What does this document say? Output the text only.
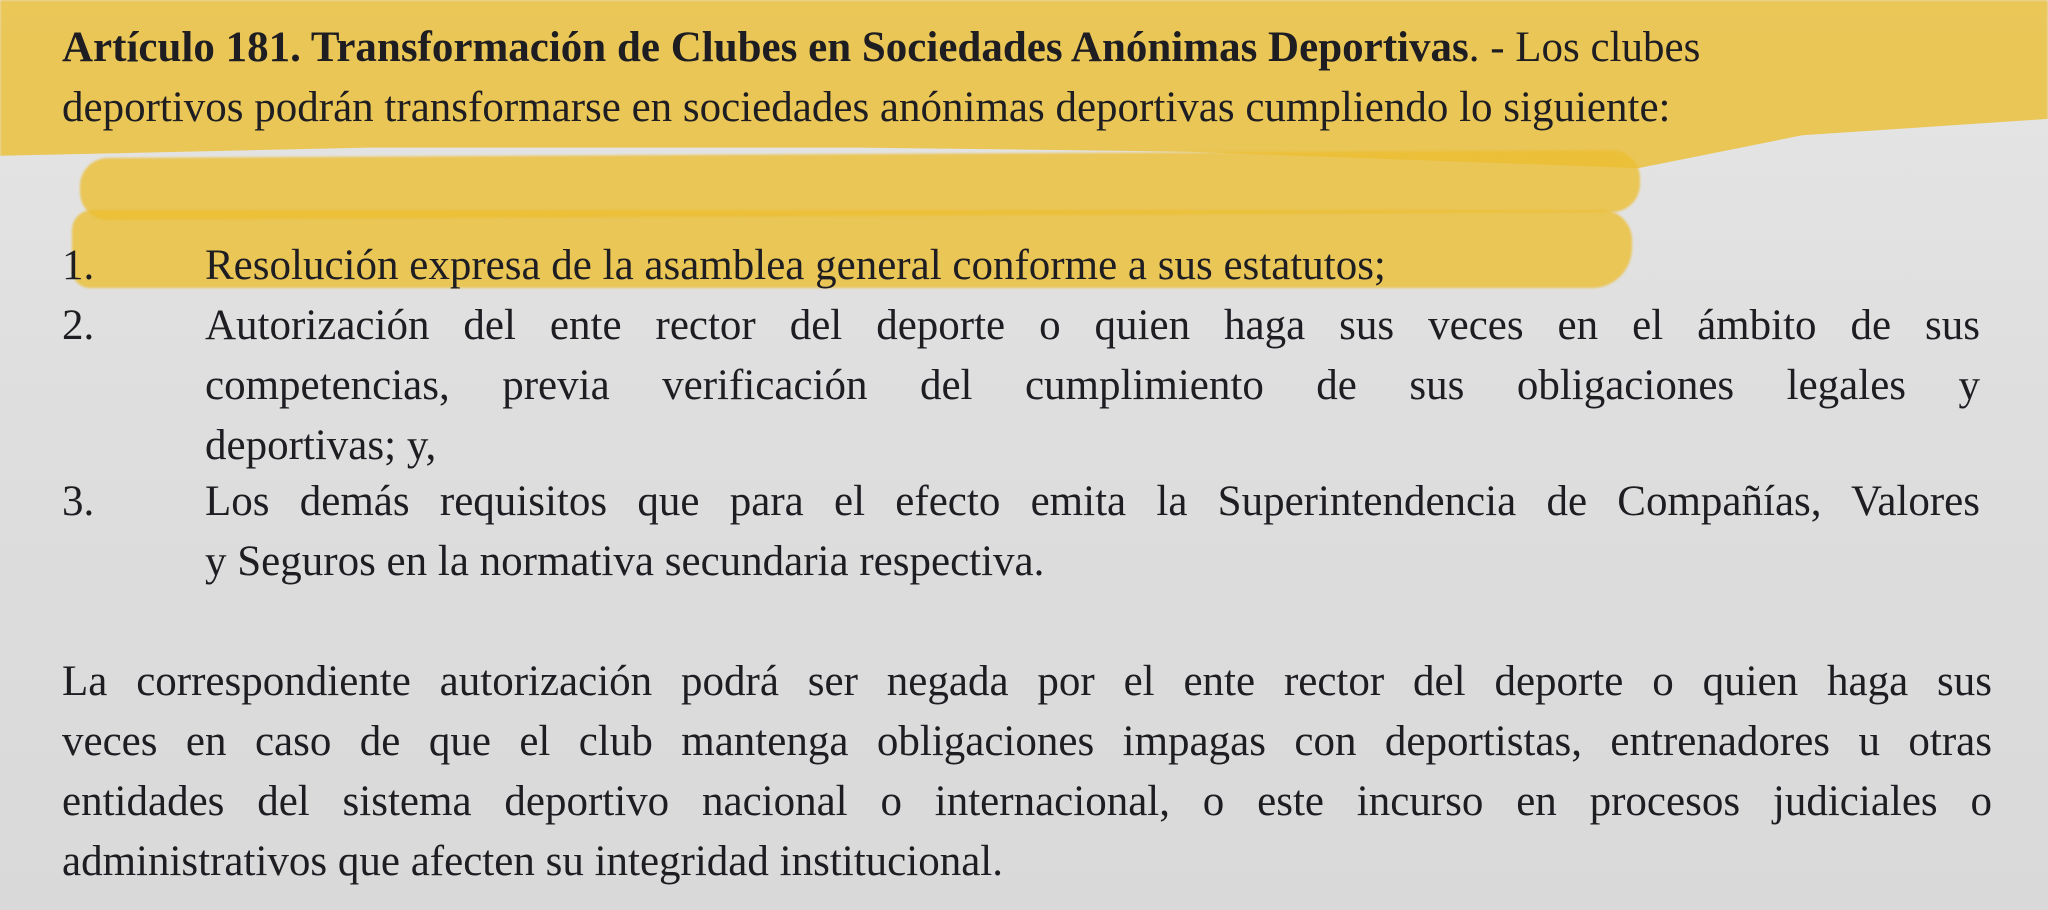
Artículo 181. Transformación de Clubes en Sociedades Anónimas Deportivas. - Los clubes

deportivos podrán transformarse en sociedades anónimas deportivas cumpliendo lo siguiente:

1.	Resolución expresa de la asamblea general conforme a sus estatutos;

2.	Autorización del ente rector del deporte o quien haga sus veces en el ámbito de sus
competencias, previa verificación del cumplimiento de sus obligaciones legales y
deportivas; y,

3.	Los demás requisitos que para el efecto emita la Superintendencia de Compañías, Valores
y Seguros en la normativa secundaria respectiva.

La correspondiente autorización podrá ser negada por el ente rector del deporte o quien haga sus
veces en caso de que el club mantenga obligaciones impagas con deportistas, entrenadores u otras
entidades del sistema deportivo nacional o internacional, o este incurso en procesos judiciales o
administrativos que afecten su integridad institucional.
